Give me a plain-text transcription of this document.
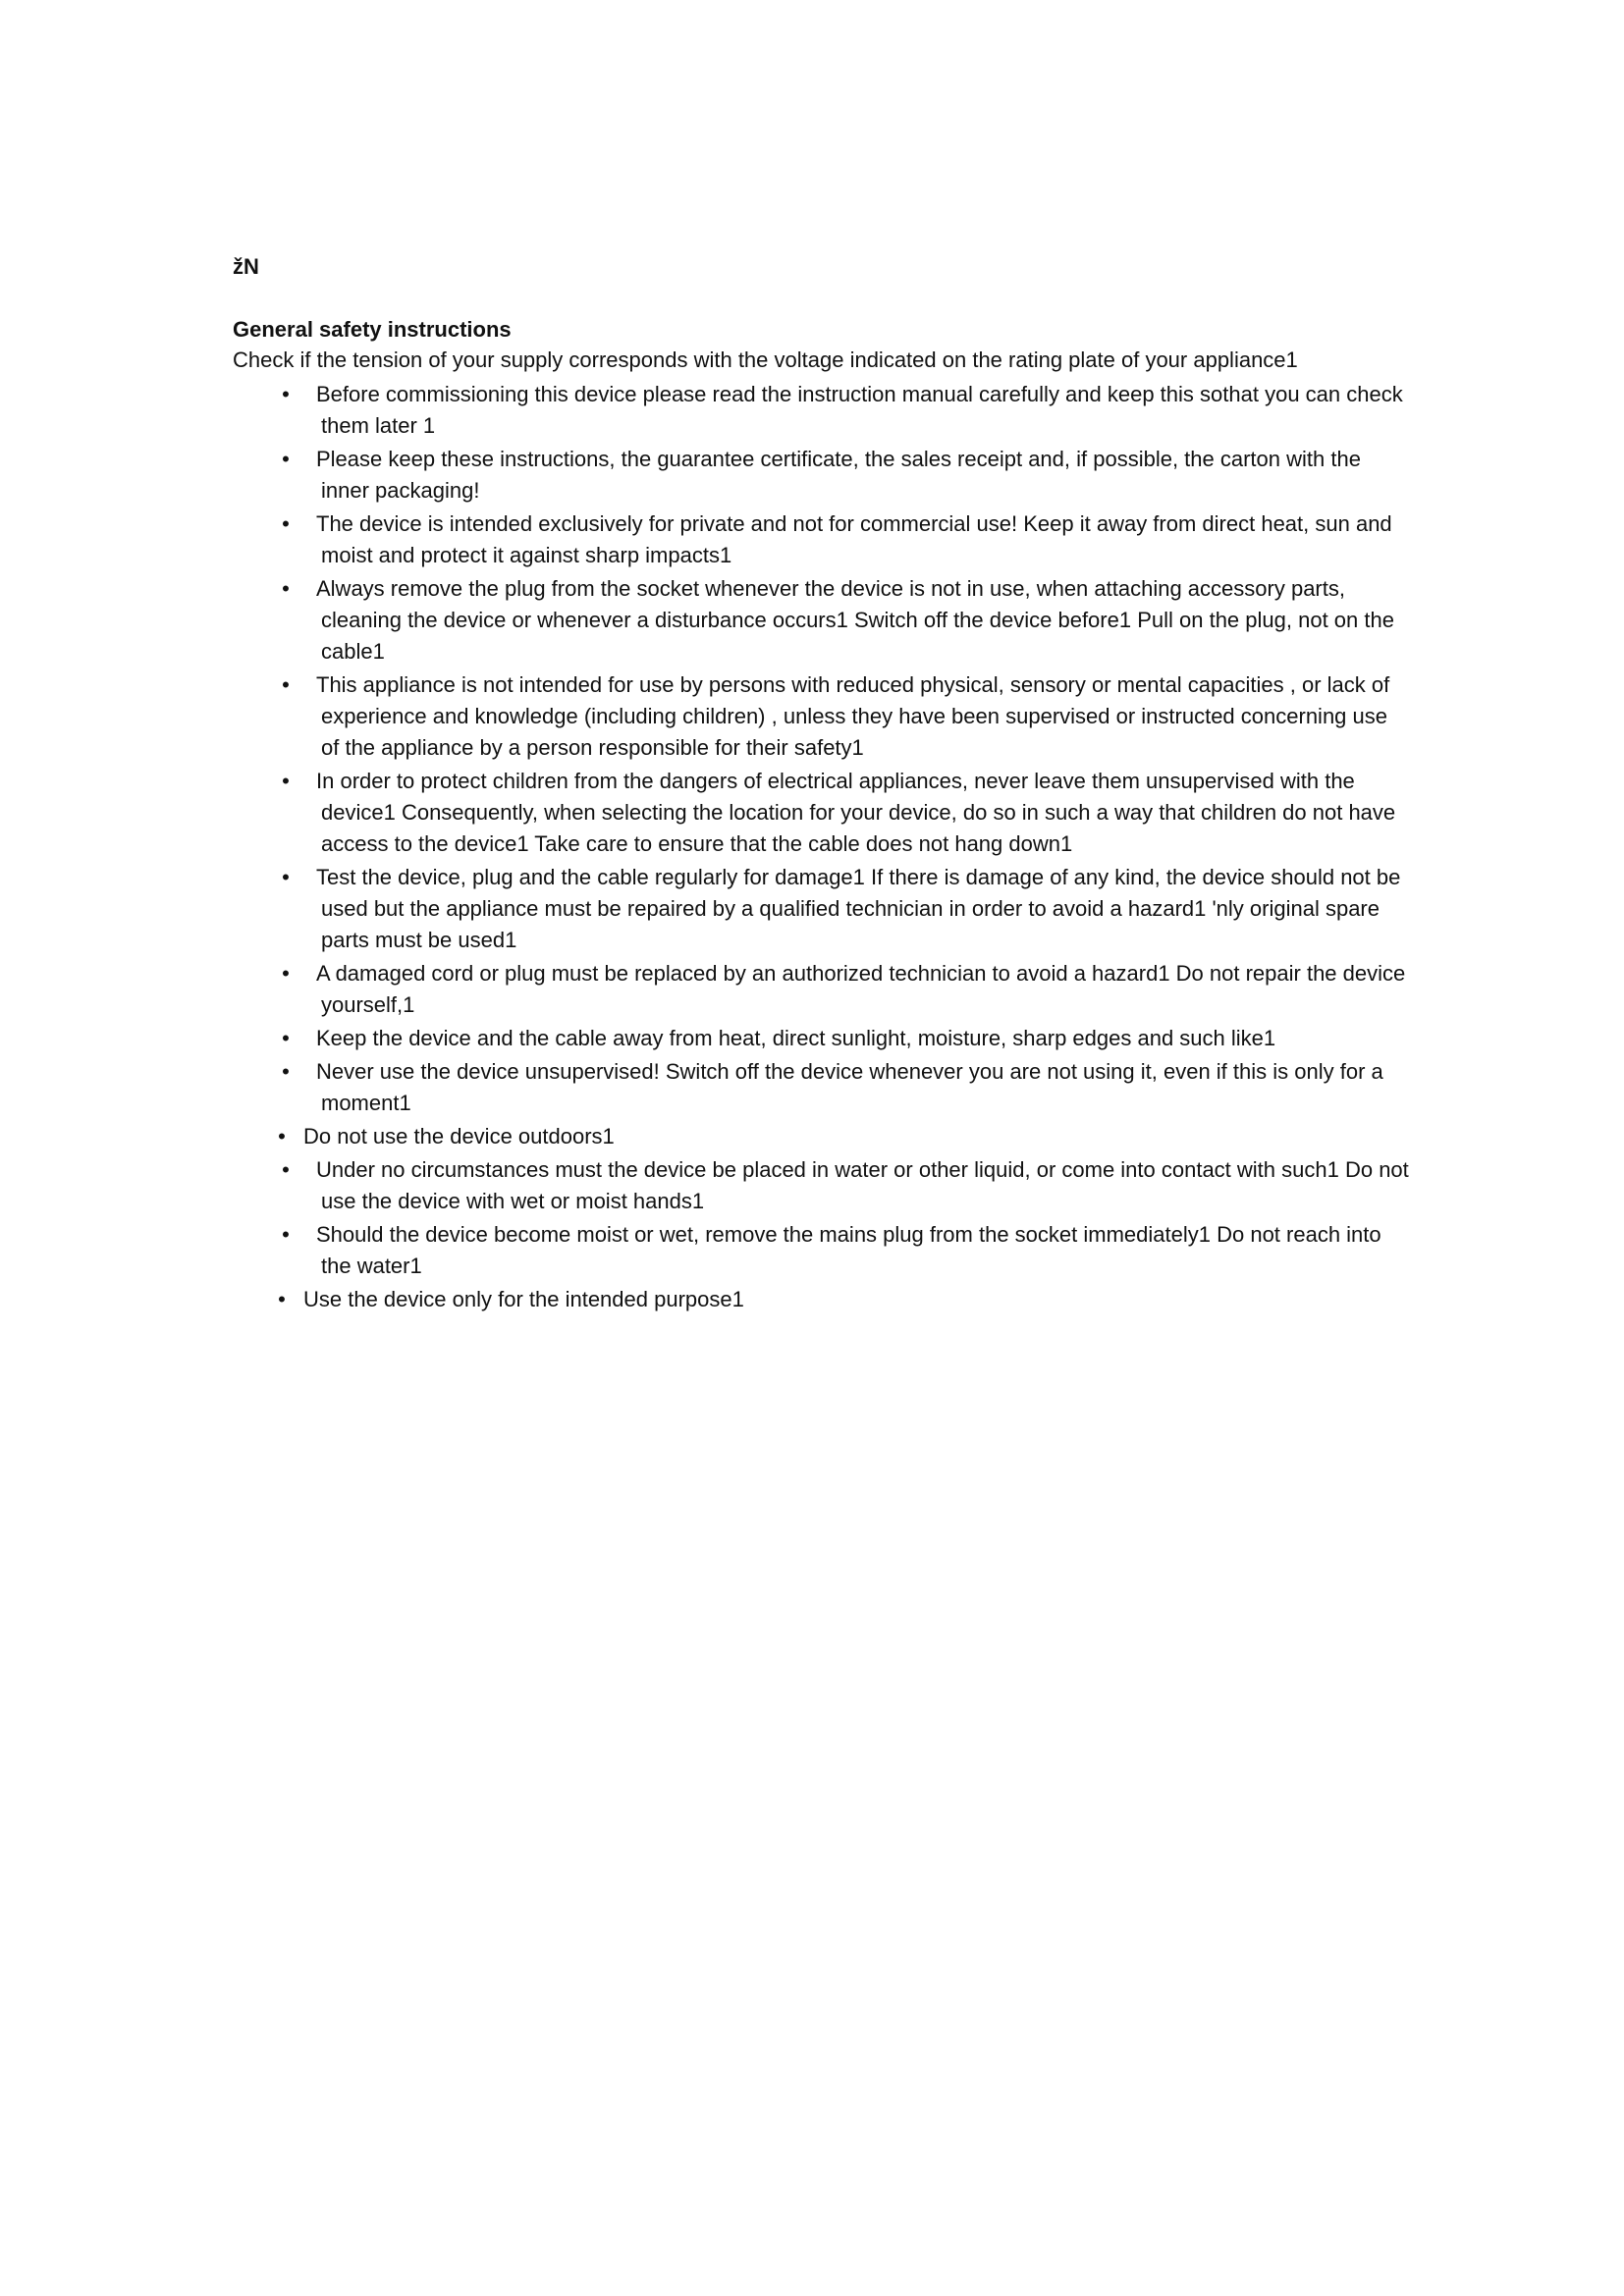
žN

General safety instructions

Check if the tension of your supply corresponds with the voltage indicated on the rating plate of your appliance1

•	Before commissioning this device please read the instruction manual carefully and keep this sothat you can check them later 1
•	Please keep these instructions, the guarantee certificate, the sales receipt and, if possible, the carton with the inner packaging!
•	The device is intended exclusively for private and not for commercial use! Keep it away from direct heat, sun and moist and protect it against sharp impacts1
•	Always remove the plug from the socket whenever the device is not in use, when attaching accessory parts, cleaning the device or whenever a disturbance occurs1 Switch off the device before1 Pull on the plug, not on the cable1
•	This appliance is not intended for use by persons with reduced physical, sensory or mental capacities , or lack of experience and knowledge (including children) , unless they have been supervised or instructed concerning use of the appliance by a person responsible for their safety1
•	In order to protect children from the dangers of electrical appliances, never leave them unsupervised with the device1 Consequently, when selecting the location for your device, do so in such a way that children do not have access to the device1 Take care to ensure that the cable does not hang down1
•	Test the device, plug and the cable regularly for damage1 If there is damage of any kind, the device should not be used but the appliance must be repaired by a qualified technician in order to avoid a hazard1 'nly original spare parts must be used1
•	A damaged cord or plug must be replaced by an authorized technician to avoid a hazard1 Do not repair the device yourself,1
•	Keep the device and the cable away from heat, direct sunlight, moisture, sharp edges and such like1
•	Never use the device unsupervised! Switch off the device whenever you are not using it, even if this is only for a moment1
• Do not use the device outdoors1
•	Under no circumstances must the device be placed in water or other liquid, or come into contact with such1 Do not use the device with wet or moist hands1
•	Should the device become moist or wet, remove the mains plug from the socket immediately1 Do not reach into the water1
• Use the device only for the intended purpose1
